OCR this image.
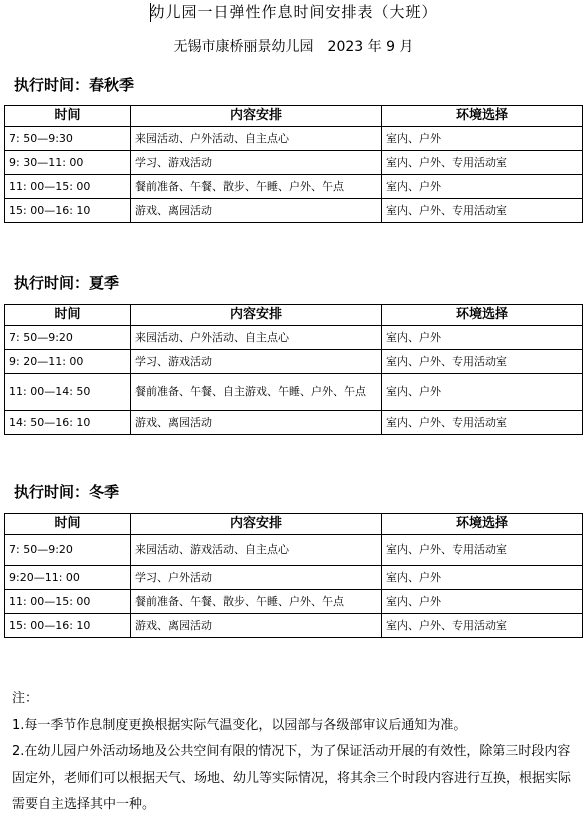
幼儿园一日弹性作息时间安排表（大班）
无锡市康桥丽景幼儿园　2023 年 9 月
执行时间：春秋季
时间	内容安排	环境选择
7: 50—9:30	来园活动、户外活动、自主点心	室内、户外
9: 30—11: 00	学习、游戏活动	室内、户外、专用活动室
11: 00—15: 00	餐前准备、午餐、散步、午睡、户外、午点	室内、户外
15: 00—16: 10	游戏、离园活动	室内、户外、专用活动室
执行时间：夏季
时间	内容安排	环境选择
7: 50—9:20	来园活动、户外活动、自主点心	室内、户外
9: 20—11: 00	学习、游戏活动	室内、户外、专用活动室
11: 00—14: 50	餐前准备、午餐、自主游戏、午睡、户外、午点	室内、户外
14: 50—16: 10	游戏、离园活动	室内、户外、专用活动室
执行时间：冬季
时间	内容安排	环境选择
7: 50—9:20	来园活动、游戏活动、自主点心	室内、户外、专用活动室
9:20—11: 00	学习、户外活动	室内、户外
11: 00—15: 00	餐前准备、午餐、散步、午睡、户外、午点	室内、户外
15: 00—16: 10	游戏、离园活动	室内、户外、专用活动室

注：

1.每一季节作息制度更换根据实际气温变化，以园部与各级部审议后通知为准。

2.在幼儿园户外活动场地及公共空间有限的情况下，为了保证活动开展的有效性，除第三时段内容固定外，老师们可以根据天气、场地、幼儿等实际情况，将其余三个时段内容进行互换，根据实际需要自主选择其中一种。
